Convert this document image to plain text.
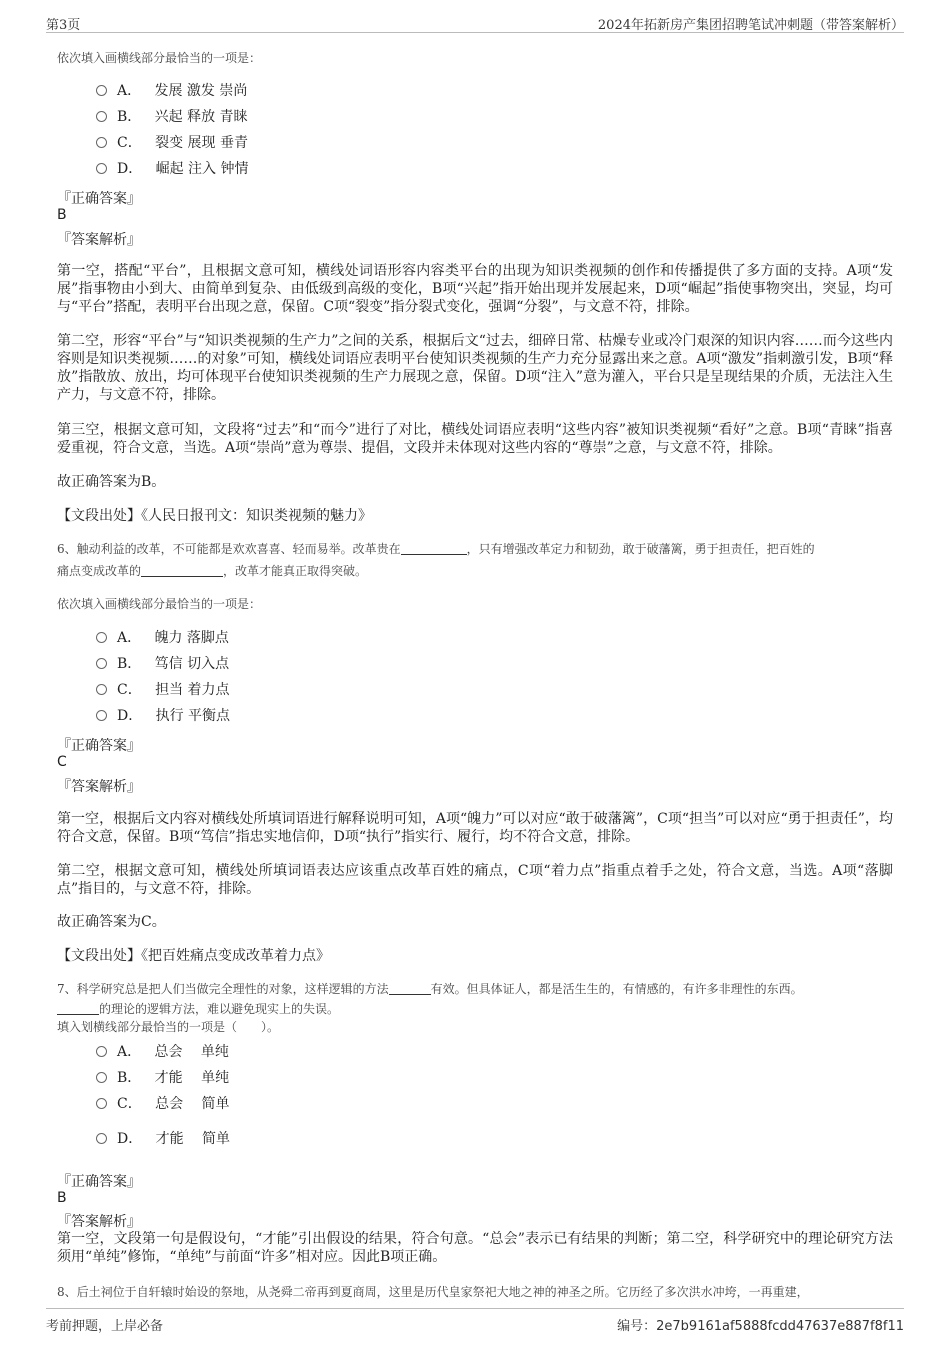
第3页	2024年拓新房产集团招聘笔试冲刺题（带答案解析）
依次填入画横线部分最恰当的一项是：
A． 发展 激发 崇尚
B． 兴起 释放 青睐
C． 裂变 展现 垂青
D． 崛起 注入 钟情
『正确答案』
B
『答案解析』
第一空，搭配“平台”，且根据文意可知，横线处词语形容内容类平台的出现为知识类视频的创作和传播提供了多方面的支持。A项“发展”指事物由小到大、由简单到复杂、由低级到高级的变化，B项“兴起”指开始出现并发展起来，D项“崛起”指使事物突出，突显，均可与“平台”搭配，表明平台出现之意，保留。C项“裂变”指分裂式变化，强调“分裂”，与文意不符，排除。
第二空，形容“平台”与“知识类视频的生产力”之间的关系，根据后文“过去，细碎日常、枯燥专业或冷门艰深的知识内容……而今这些内容则是知识类视频……的对象”可知，横线处词语应表明平台使知识类视频的生产力充分显露出来之意。A项“激发”指刺激引发，B项“释放”指散放、放出，均可体现平台使知识类视频的生产力展现之意，保留。D项“注入”意为灌入，平台只是呈现结果的介质，无法注入生产力，与文意不符，排除。
第三空，根据文意可知，文段将“过去”和“而今”进行了对比，横线处词语应表明“这些内容”被知识类视频“看好”之意。B项“青睐”指喜爱重视，符合文意，当选。A项“崇尚”意为尊崇、提倡，文段并未体现对这些内容的“尊崇”之意，与文意不符，排除。
故正确答案为B。
【文段出处】《人民日报刊文：知识类视频的魅力》
6、触动利益的改革，不可能都是欢欢喜喜、轻而易举。改革贵在	，只有增强改革定力和韧劲，敢于破藩篱，勇于担责任，把百姓的
痛点变成改革的	，改革才能真正取得突破。
依次填入画横线部分最恰当的一项是：
A． 魄力 落脚点
B． 笃信 切入点
C． 担当 着力点
D． 执行 平衡点
『正确答案』
C
『答案解析』
第一空，根据后文内容对横线处所填词语进行解释说明可知，A项“魄力”可以对应“敢于破藩篱”，C项“担当”可以对应“勇于担责任”，均符合文意，保留。B项“笃信”指忠实地信仰，D项“执行”指实行、履行，均不符合文意，排除。
第二空，根据文意可知，横线处所填词语表达应该重点改革百姓的痛点，C项“着力点”指重点着手之处，符合文意，当选。A项“落脚点”指目的，与文意不符，排除。
故正确答案为C。
【文段出处】《把百姓痛点变成改革着力点》
7、科学研究总是把人们当做完全理性的对象，这样逻辑的方法	有效。但具体证人，都是活生生的，有情感的，有许多非理性的东西。
的理论的逻辑方法，难以避免现实上的失误。
填入划横线部分最恰当的一项是（　　）。
A． 总会　 单纯
B． 才能　 单纯
C． 总会　 简单
D． 才能　 简单
『正确答案』
B
『答案解析』
第一空，文段第一句是假设句，“才能”引出假设的结果，符合句意。“总会”表示已有结果的判断；第二空，科学研究中的理论研究方法须用“单纯”修饰，“单纯”与前面“许多”相对应。因此B项正确。
8、后土祠位于自轩辕时始设的祭地，从尧舜二帝再到夏商周，这里是历代皇家祭祀大地之神的神圣之所。它历经了多次洪水冲垮，一再重建，
考前押题，上岸必备	编号：2e7b9161af5888fcdd47637e887f8f11
